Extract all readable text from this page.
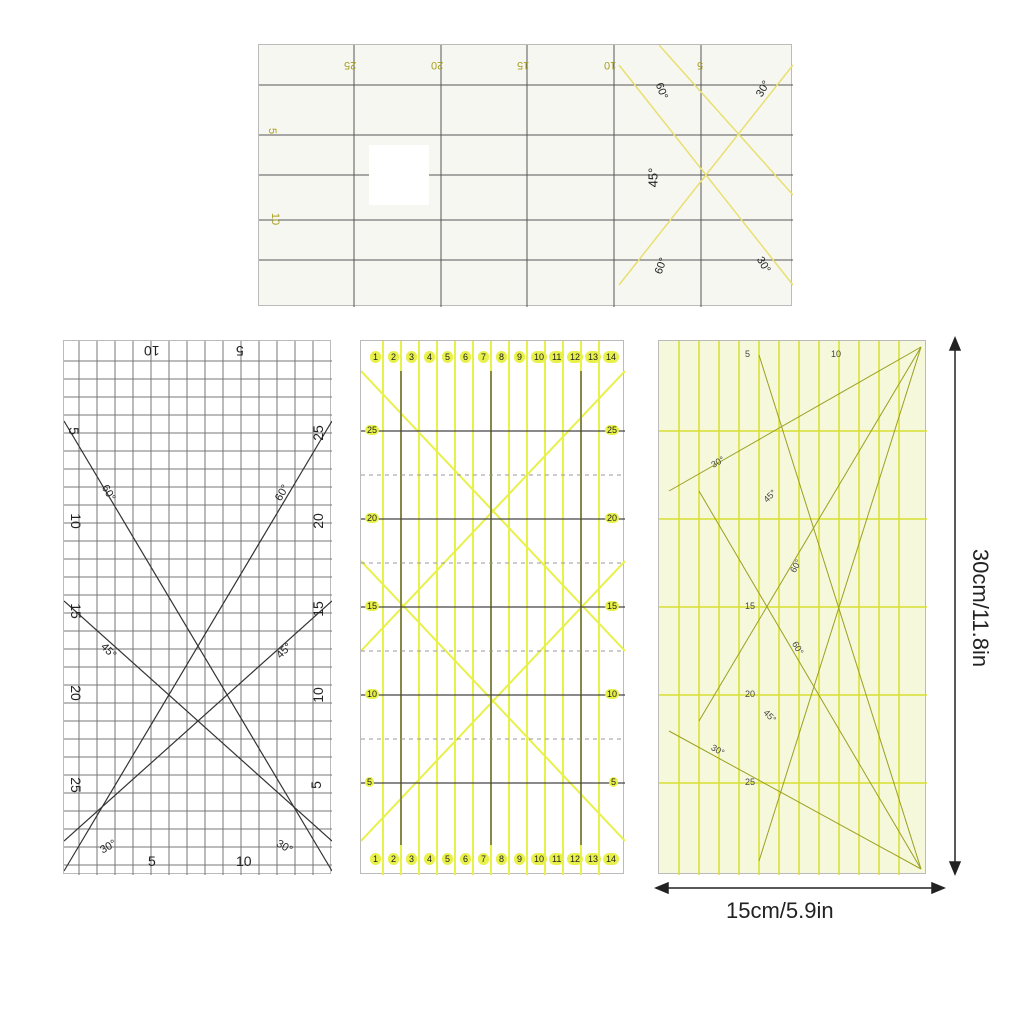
25	20	15	10	5
5
10
60°	30°
45°
60°	30°
10	5
5
10
15
20
25
25
20
15
10
5
5	10
60°	60°
45°	45°
30°	30°
1	2	3	4	5	6	7	8	9	10 11 12 13 14
1	2	3	4	5	6	7	8	9	10 11 12 13 14
25
20
15
10
5
25
20
15
10
5
5	10
15
20
25
30°
45°
60°
60°
45°
30°
30cm/11.8in
15cm/5.9in
